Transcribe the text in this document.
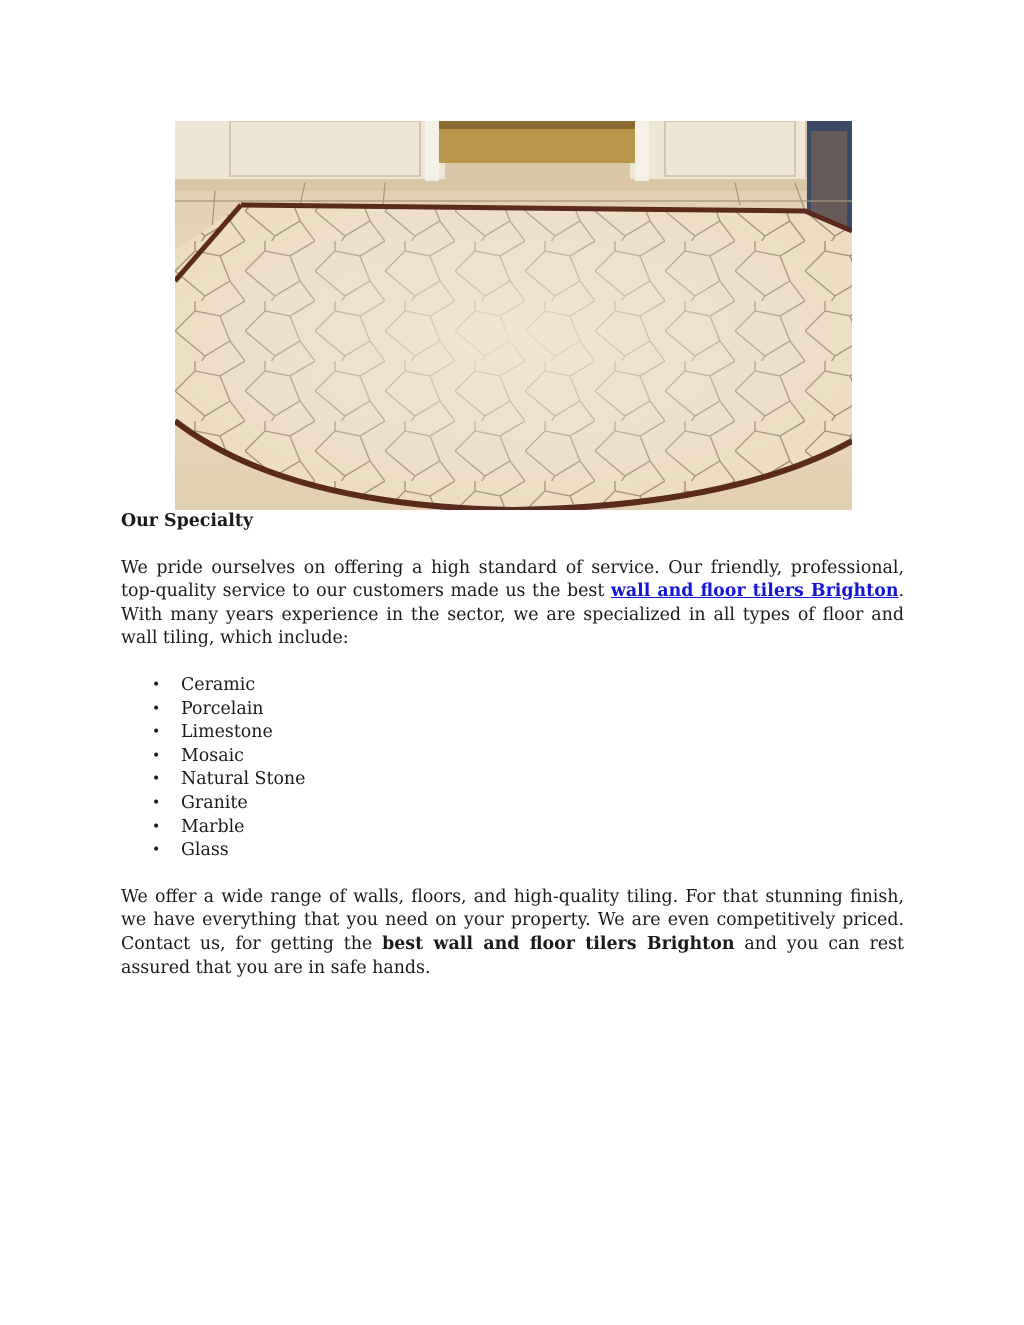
Our Specialty

We pride ourselves on offering a high standard of service. Our friendly, professional, top-quality service to our customers made us the best wall and floor tilers Brighton. With many years experience in the sector, we are specialized in all types of floor and wall tiling, which include:

• Ceramic
• Porcelain
• Limestone
• Mosaic
• Natural Stone
• Granite
• Marble
• Glass

We offer a wide range of walls, floors, and high-quality tiling. For that stunning finish, we have everything that you need on your property. We are even competitively priced. Contact us, for getting the best wall and floor tilers Brighton and you can rest assured that you are in safe hands.
